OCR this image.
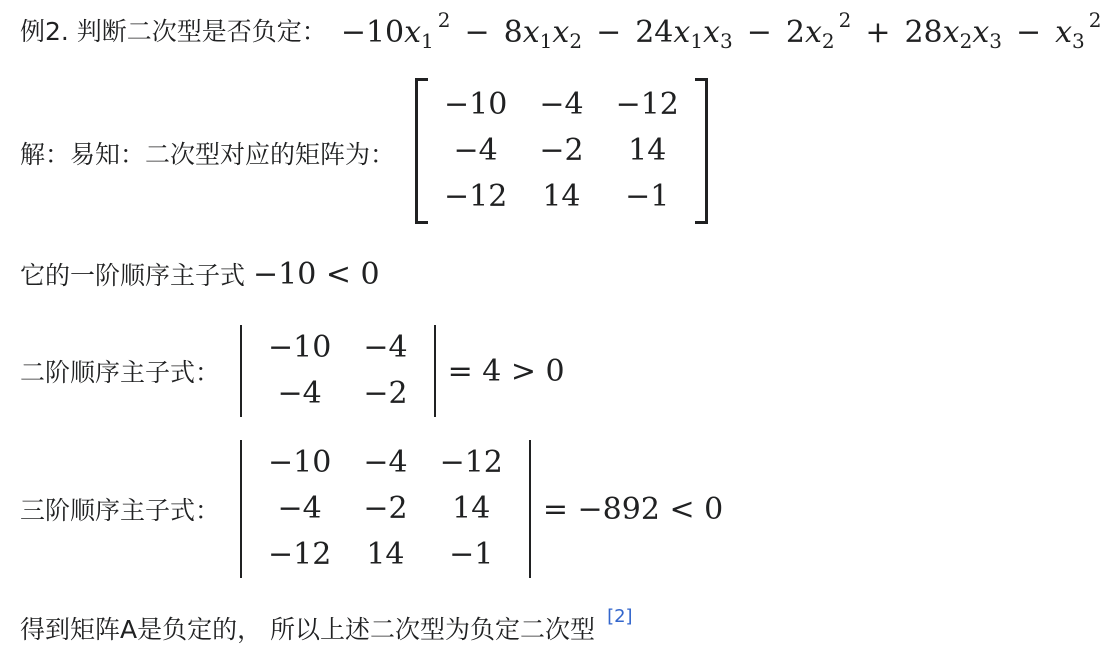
例2. 判断二次型是否负定： $-10x_1^2 - 8x_1x_2 - 24x_1x_3 - 2x_2^2 + 28x_2x_3 - x_3^2$
解：易知：二次型对应的矩阵为：
−10	−4	−12
−4	−2	14
−12	14	−1
它的一阶顺序主子式 −10 < 0
二阶顺序主子式：
−10	−4
−4	−2
= 4 > 0
三阶顺序主子式：
−10	−4	−12
−4	−2	14
−12	14	−1
= −892 < 0
得到矩阵A是负定的， 所以上述二次型为负定二次型 [2]
